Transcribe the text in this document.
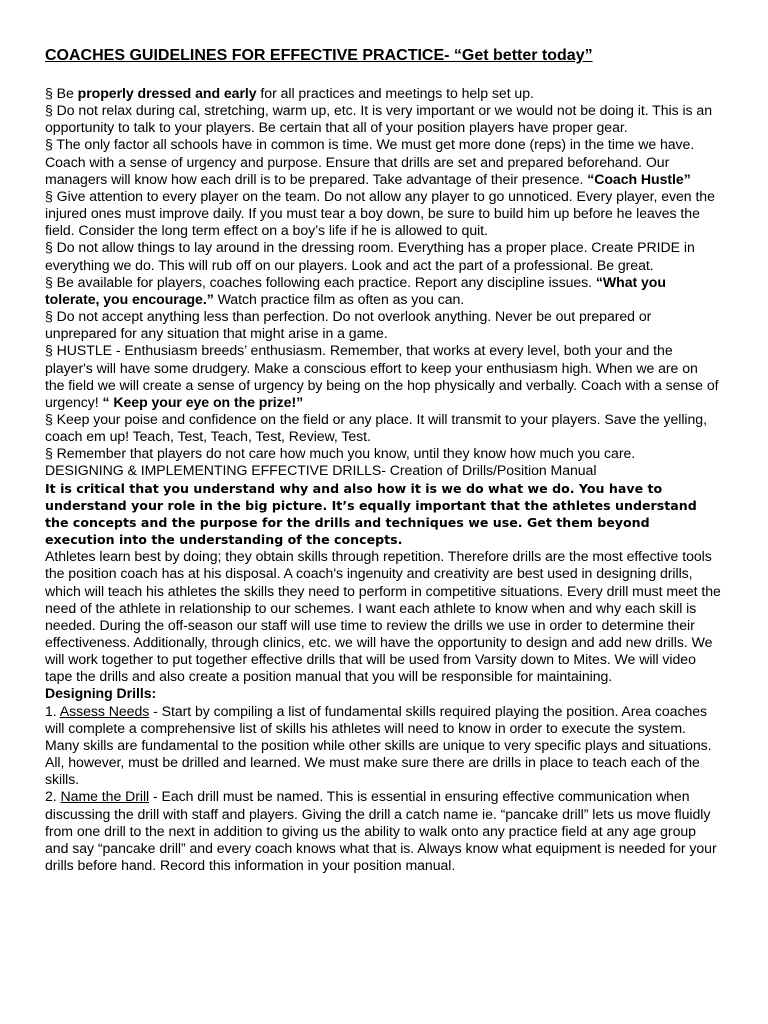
COACHES GUIDELINES FOR EFFECTIVE PRACTICE- “Get better today”

§ Be properly dressed and early for all practices and meetings to help set up.

§ Do not relax during cal, stretching, warm up, etc. It is very important or we would not be doing it. This is an opportunity to talk to your players. Be certain that all of your position players have proper gear.

§ The only factor all schools have in common is time. We must get more done (reps) in the time we have. Coach with a sense of urgency and purpose. Ensure that drills are set and prepared beforehand. Our managers will know how each drill is to be prepared. Take advantage of their presence. “Coach Hustle”

§ Give attention to every player on the team. Do not allow any player to go unnoticed. Every player, even the injured ones must improve daily. If you must tear a boy down, be sure to build him up before he leaves the field. Consider the long term effect on a boy’s life if he is allowed to quit.

§ Do not allow things to lay around in the dressing room. Everything has a proper place. Create PRIDE in everything we do. This will rub off on our players. Look and act the part of a professional. Be great.

§ Be available for players, coaches following each practice. Report any discipline issues. “What you tolerate, you encourage.” Watch practice film as often as you can.

§ Do not accept anything less than perfection. Do not overlook anything. Never be out prepared or unprepared for any situation that might arise in a game.

§ HUSTLE - Enthusiasm breeds’ enthusiasm. Remember, that works at every level, both your and the player's will have some drudgery. Make a conscious effort to keep your enthusiasm high. When we are on the field we will create a sense of urgency by being on the hop physically and verbally. Coach with a sense of urgency! “ Keep your eye on the prize!”

§ Keep your poise and confidence on the field or any place. It will transmit to your players. Save the yelling, coach em up! Teach, Test, Teach, Test, Review, Test.

§ Remember that players do not care how much you know, until they know how much you care.

DESIGNING & IMPLEMENTING EFFECTIVE DRILLS- Creation of Drills/Position Manual

It is critical that you understand why and also how it is we do what we do. You have to understand your role in the big picture. It’s equally important that the athletes understand the concepts and the purpose for the drills and techniques we use. Get them beyond execution into the understanding of the concepts.

Athletes learn best by doing; they obtain skills through repetition. Therefore drills are the most effective tools the position coach has at his disposal. A coach's ingenuity and creativity are best used in designing drills, which will teach his athletes the skills they need to perform in competitive situations. Every drill must meet the need of the athlete in relationship to our schemes. I want each athlete to know when and why each skill is needed. During the off-season our staff will use time to review the drills we use in order to determine their effectiveness. Additionally, through clinics, etc. we will have the opportunity to design and add new drills. We will work together to put together effective drills that will be used from Varsity down to Mites. We will video tape the drills and also create a position manual that you will be responsible for maintaining.

Designing Drills:

1. Assess Needs - Start by compiling a list of fundamental skills required playing the position. Area coaches will complete a comprehensive list of skills his athletes will need to know in order to execute the system. Many skills are fundamental to the position while other skills are unique to very specific plays and situations. All, however, must be drilled and learned. We must make sure there are drills in place to teach each of the skills.

2. Name the Drill - Each drill must be named. This is essential in ensuring effective communication when discussing the drill with staff and players. Giving the drill a catch name ie. “pancake drill” lets us move fluidly from one drill to the next in addition to giving us the ability to walk onto any practice field at any age group and say “pancake drill” and every coach knows what that is. Always know what equipment is needed for your drills before hand. Record this information in your position manual.
